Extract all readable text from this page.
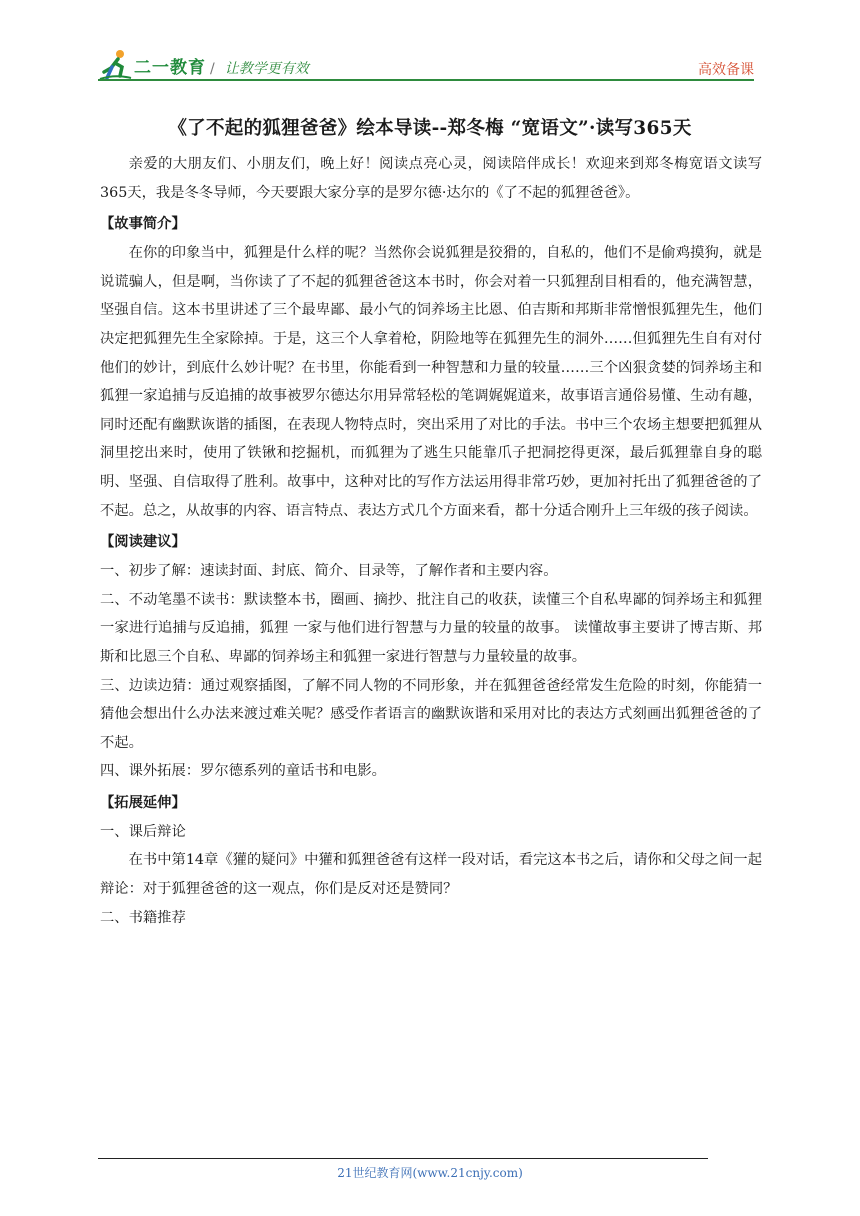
二一教育 / 让教学更有效	高效备课
《了不起的狐狸爸爸》绘本导读--郑冬梅 “宽语文”·读写365天

亲爱的大朋友们、小朋友们，晚上好！阅读点亮心灵，阅读陪伴成长！欢迎来到郑冬梅宽语文读写365天，我是冬冬导师，今天要跟大家分享的是罗尔德·达尔的《了不起的狐狸爸爸》。

【故事简介】

在你的印象当中，狐狸是什么样的呢？当然你会说狐狸是狡猾的，自私的，他们不是偷鸡摸狗，就是说谎骗人，但是啊，当你读了了不起的狐狸爸爸这本书时，你会对着一只狐狸刮目相看的，他充满智慧，坚强自信。这本书里讲述了三个最卑鄙、最小气的饲养场主比恩、伯吉斯和邦斯非常憎恨狐狸先生，他们决定把狐狸先生全家除掉。于是，这三个人拿着枪，阴险地等在狐狸先生的洞外……但狐狸先生自有对付他们的妙计，到底什么妙计呢？在书里，你能看到一种智慧和力量的较量……三个凶狠贪婪的饲养场主和狐狸一家追捕与反追捕的故事被罗尔德达尔用异常轻松的笔调娓娓道来，故事语言通俗易懂、生动有趣，同时还配有幽默诙谐的插图，在表现人物特点时，突出采用了对比的手法。书中三个农场主想要把狐狸从洞里挖出来时，使用了铁锹和挖掘机，而狐狸为了逃生只能靠爪子把洞挖得更深，最后狐狸靠自身的聪明、坚强、自信取得了胜利。故事中，这种对比的写作方法运用得非常巧妙，更加衬托出了狐狸爸爸的了不起。总之，从故事的内容、语言特点、表达方式几个方面来看，都十分适合刚升上三年级的孩子阅读。

【阅读建议】

一、初步了解：速读封面、封底、简介、目录等，了解作者和主要内容。

二、不动笔墨不读书：默读整本书，圈画、摘抄、批注自己的收获，读懂三个自私卑鄙的饲养场主和狐狸一家进行追捕与反追捕，狐狸 一家与他们进行智慧与力量的较量的故事。 读懂故事主要讲了博吉斯、邦斯和比恩三个自私、卑鄙的饲养场主和狐狸一家进行智慧与力量较量的故事。

三、边读边猜：通过观察插图，了解不同人物的不同形象，并在狐狸爸爸经常发生危险的时刻，你能猜一猜他会想出什么办法来渡过难关呢？感受作者语言的幽默诙谐和采用对比的表达方式刻画出狐狸爸爸的了不起。

四、课外拓展：罗尔德系列的童话书和电影。

【拓展延伸】

一、课后辩论

在书中第14章《獾的疑问》中獾和狐狸爸爸有这样一段对话，看完这本书之后，请你和父母之间一起辩论：对于狐狸爸爸的这一观点，你们是反对还是赞同？

二、书籍推荐

21世纪教育网(www.21cnjy.com)
